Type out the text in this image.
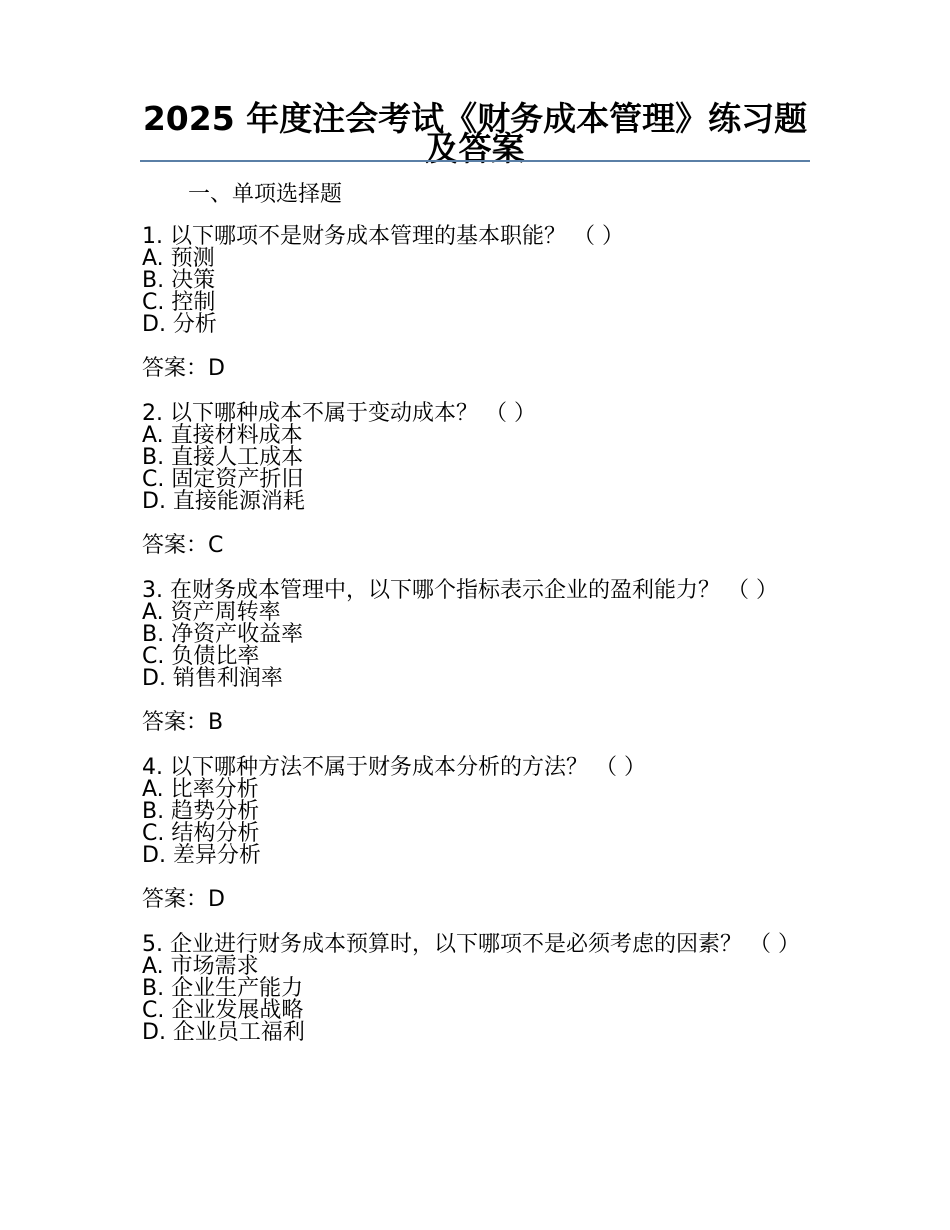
2025 年度注会考试《财务成本管理》练习题及答案
一、单项选择题
1. 以下哪项不是财务成本管理的基本职能？ （ ）
A. 预测
B. 决策
C. 控制
D. 分析
答案：D
2. 以下哪种成本不属于变动成本？ （ ）
A. 直接材料成本
B. 直接人工成本
C. 固定资产折旧
D. 直接能源消耗
答案：C
3. 在财务成本管理中，以下哪个指标表示企业的盈利能力？ （ ）
A. 资产周转率
B. 净资产收益率
C. 负债比率
D. 销售利润率
答案：B
4. 以下哪种方法不属于财务成本分析的方法？ （ ）
A. 比率分析
B. 趋势分析
C. 结构分析
D. 差异分析
答案：D
5. 企业进行财务成本预算时，以下哪项不是必须考虑的因素？ （ ）
A. 市场需求
B. 企业生产能力
C. 企业发展战略
D. 企业员工福利
